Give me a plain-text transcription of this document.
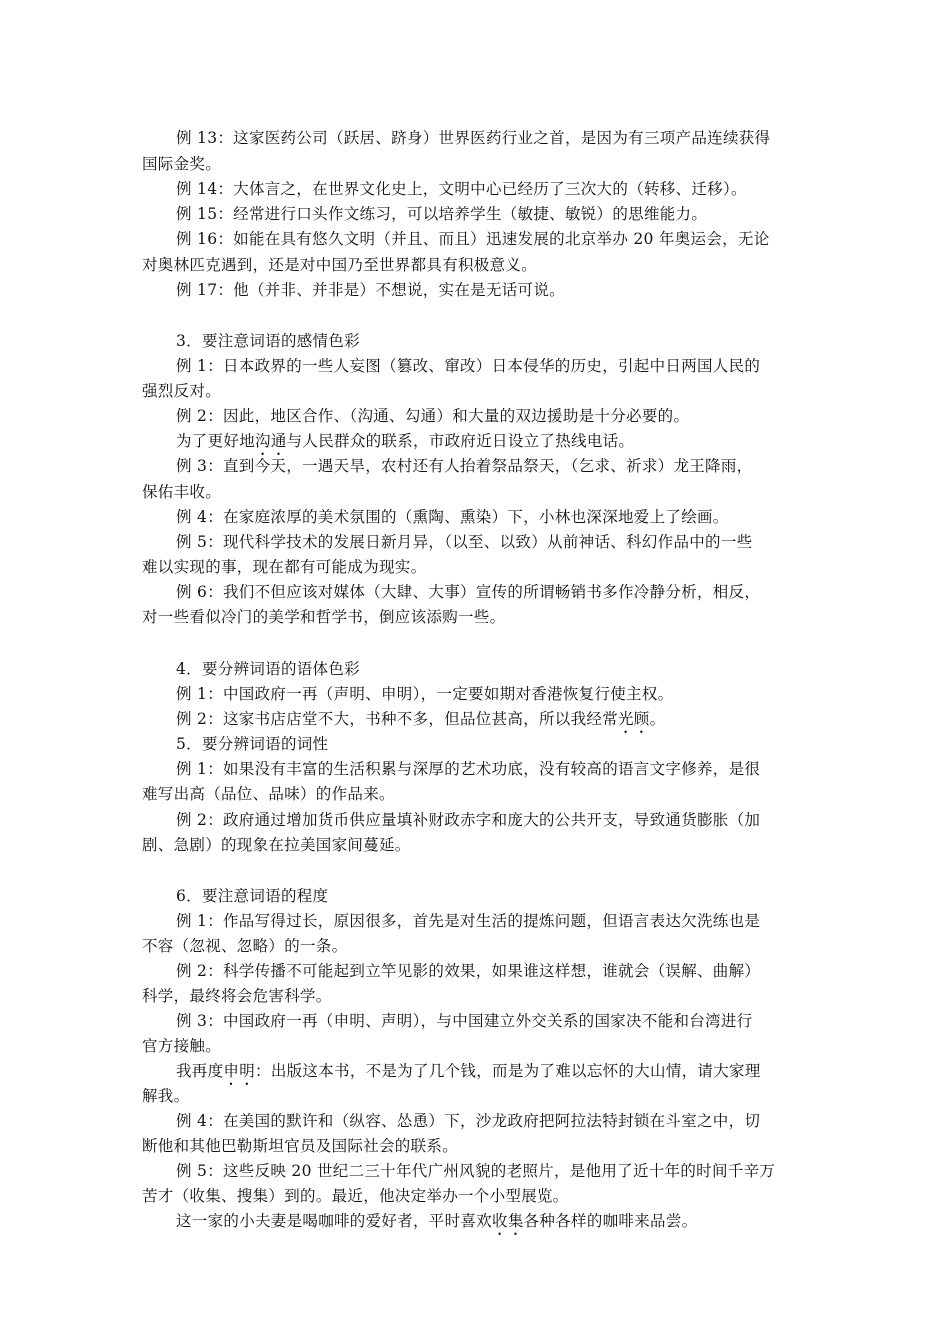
例 13：这家医药公司（跃居、跻身）世界医药行业之首，是因为有三项产品连续获得
国际金奖。
例 14：大体言之，在世界文化史上，文明中心已经历了三次大的（转移、迁移）。
例 15：经常进行口头作文练习，可以培养学生（敏捷、敏锐）的思维能力。
例 16：如能在具有悠久文明（并且、而且）迅速发展的北京举办 20 年奥运会，无论
对奥林匹克遇到，还是对中国乃至世界都具有积极意义。
例 17：他（并非、并非是）不想说，实在是无话可说。
3．要注意词语的感情色彩
例 1：日本政界的一些人妄图（篡改、窜改）日本侵华的历史，引起中日两国人民的
强烈反对。
例 2：因此，地区合作、（沟通、勾通）和大量的双边援助是十分必要的。
为了更好地沟通与人民群众的联系，市政府近日设立了热线电话。
例 3：直到今天，一遇天旱，农村还有人抬着祭品祭天，（乞求、祈求）龙王降雨，
保佑丰收。
例 4：在家庭浓厚的美术氛围的（熏陶、熏染）下，小林也深深地爱上了绘画。
例 5：现代科学技术的发展日新月异，（以至、以致）从前神话、科幻作品中的一些
难以实现的事，现在都有可能成为现实。
例 6：我们不但应该对媒体（大肆、大事）宣传的所谓畅销书多作冷静分析，相反，
对一些看似冷门的美学和哲学书，倒应该添购一些。
4．要分辨词语的语体色彩
例 1：中国政府一再（声明、申明），一定要如期对香港恢复行使主权。
例 2：这家书店店堂不大，书种不多，但品位甚高，所以我经常光顾。
5．要分辨词语的词性
例 1：如果没有丰富的生活积累与深厚的艺术功底，没有较高的语言文字修养，是很
难写出高（品位、品味）的作品来。
例 2：政府通过增加货币供应量填补财政赤字和庞大的公共开支，导致通货膨胀（加
剧、急剧）的现象在拉美国家间蔓延。
6．要注意词语的程度
例 1：作品写得过长，原因很多，首先是对生活的提炼问题，但语言表达欠洗练也是
不容（忽视、忽略）的一条。
例 2：科学传播不可能起到立竿见影的效果，如果谁这样想，谁就会（误解、曲解）
科学，最终将会危害科学。
例 3：中国政府一再（申明、声明），与中国建立外交关系的国家决不能和台湾进行
官方接触。
我再度申明：出版这本书，不是为了几个钱，而是为了难以忘怀的大山情，请大家理
解我。
例 4：在美国的默许和（纵容、怂恿）下，沙龙政府把阿拉法特封锁在斗室之中，切
断他和其他巴勒斯坦官员及国际社会的联系。
例 5：这些反映 20 世纪二三十年代广州风貌的老照片，是他用了近十年的时间千辛万
苦才（收集、搜集）到的。最近，他决定举办一个小型展览。
这一家的小夫妻是喝咖啡的爱好者，平时喜欢收集各种各样的咖啡来品尝。
